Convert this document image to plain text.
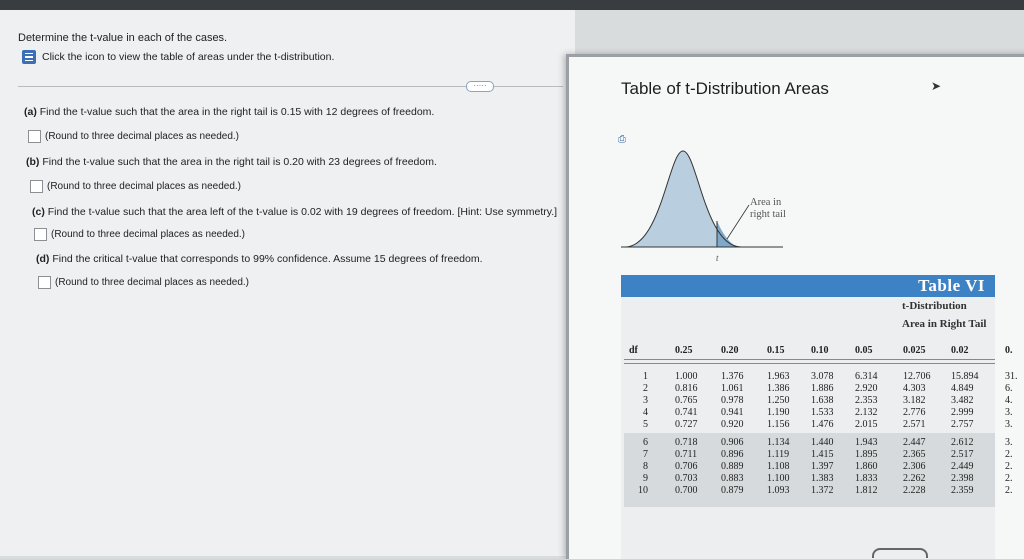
Determine the t-value in each of the cases.
Click the icon to view the table of areas under the t-distribution.
·····
(a) Find the t-value such that the area in the right tail is 0.15 with 12 degrees of freedom.
(Round to three decimal places as needed.)
(b) Find the t-value such that the area in the right tail is 0.20 with 23 degrees of freedom.
(Round to three decimal places as needed.)
(c) Find the t-value such that the area left of the t-value is 0.02 with 19 degrees of freedom. [Hint: Use symmetry.]
(Round to three decimal places as needed.)
(d) Find the critical t-value that corresponds to 99% confidence. Assume 15 degrees of freedom.
(Round to three decimal places as needed.)
Table of t-Distribution Areas	➤
⎙
Area in
right tail
t
Table VI
t-Distribution
Area in Right Tail
df	0.25	0.20	0.15	0.10	0.05	0.025	0.02	0.
1	1.000 1.376 1.963 3.078 6.314	12.706 15.894	31.
2	0.816 1.061 1.386 1.886 2.920	4.303	4.849	6.
3	0.765 0.978 1.250 1.638 2.353	3.182	3.482	4.
4	0.741 0.941 1.190 1.533 2.132	2.776	2.999	3.
5	0.727 0.920 1.156 1.476 2.015	2.571	2.757	3.
6	0.718 0.906 1.134 1.440 1.943	2.447	2.612	3.
7	0.711 0.896 1.119 1.415 1.895	2.365	2.517	2.
8	0.706 0.889 1.108 1.397 1.860	2.306	2.449	2.
9	0.703 0.883 1.100 1.383 1.833	2.262	2.398	2.
10	0.700 0.879 1.093 1.372 1.812	2.228	2.359	2.
